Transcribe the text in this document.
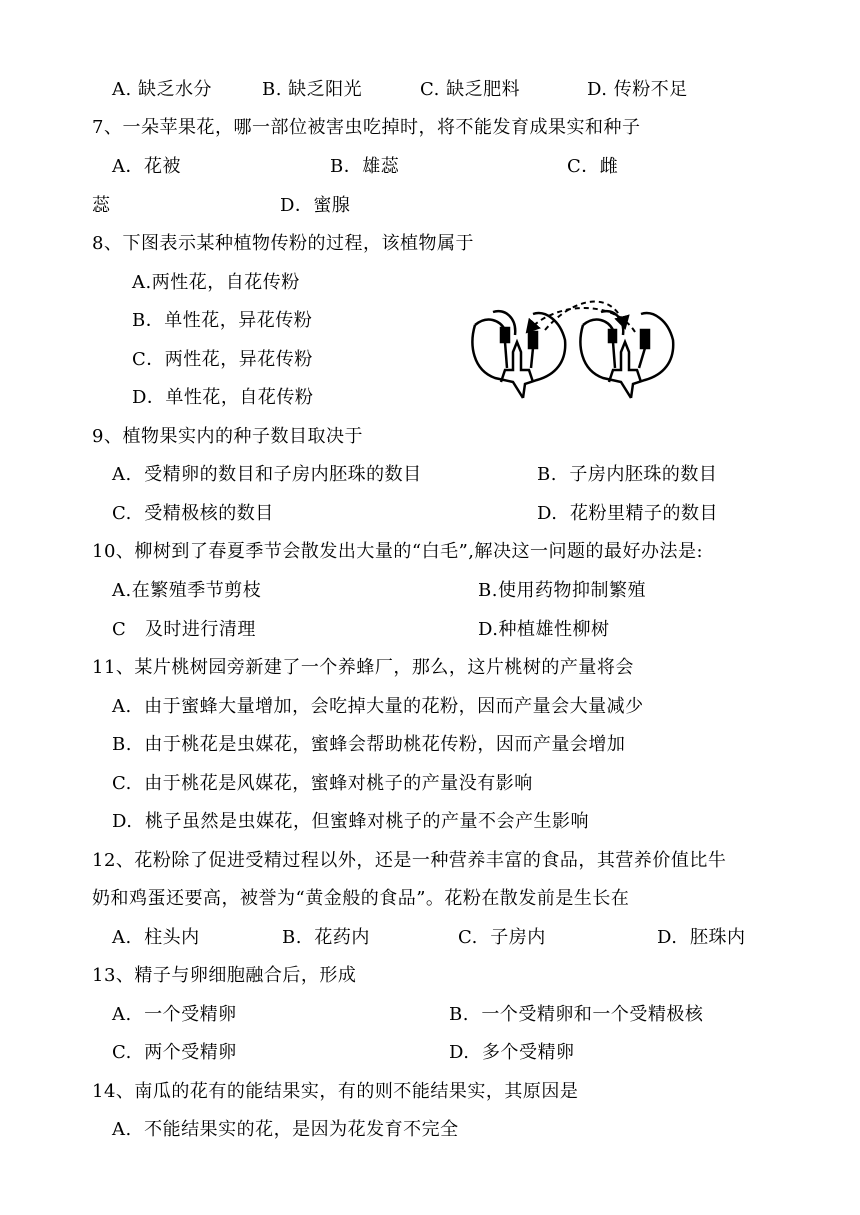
A. 缺乏水分	B. 缺乏阳光	C. 缺乏肥料	D. 传粉不足
7、一朵苹果花，哪一部位被害虫吃掉时，将不能发育成果实和种子
A．花被	B．雄蕊	C．雌
蕊	D．蜜腺
8、下图表示某种植物传粉的过程，该植物属于
A.两性花，自花传粉
B．单性花，异花传粉
C．两性花，异花传粉
D．单性花，自花传粉
9、植物果实内的种子数目取决于
A.  受精卵的数目和子房内胚珠的数目	B.  子房内胚珠的数目
C.  受精极核的数目	D.  花粉里精子的数目
10、柳树到了春夏季节会散发出大量的“白毛”,解决这一问题的最好办法是:
A.在繁殖季节剪枝	B.使用药物抑制繁殖
C   及时进行清理	D.种植雄性柳树
11、某片桃树园旁新建了一个养蜂厂，那么，这片桃树的产量将会
A.  由于蜜蜂大量增加，会吃掉大量的花粉，因而产量会大量减少
B.  由于桃花是虫媒花，蜜蜂会帮助桃花传粉，因而产量会增加
C.  由于桃花是风媒花，蜜蜂对桃子的产量没有影响
D.  桃子虽然是虫媒花，但蜜蜂对桃子的产量不会产生影响
12、花粉除了促进受精过程以外，还是一种营养丰富的食品，其营养价值比牛
奶和鸡蛋还要高，被誉为“黄金般的食品”。花粉在散发前是生长在
A.  柱头内	B.  花药内	C.  子房内	D.  胚珠内
13、精子与卵细胞融合后，形成
A.  一个受精卵	B.  一个受精卵和一个受精极核
C.  两个受精卵	D.  多个受精卵
14、南瓜的花有的能结果实，有的则不能结果实，其原因是
A.  不能结果实的花，是因为花发育不完全
